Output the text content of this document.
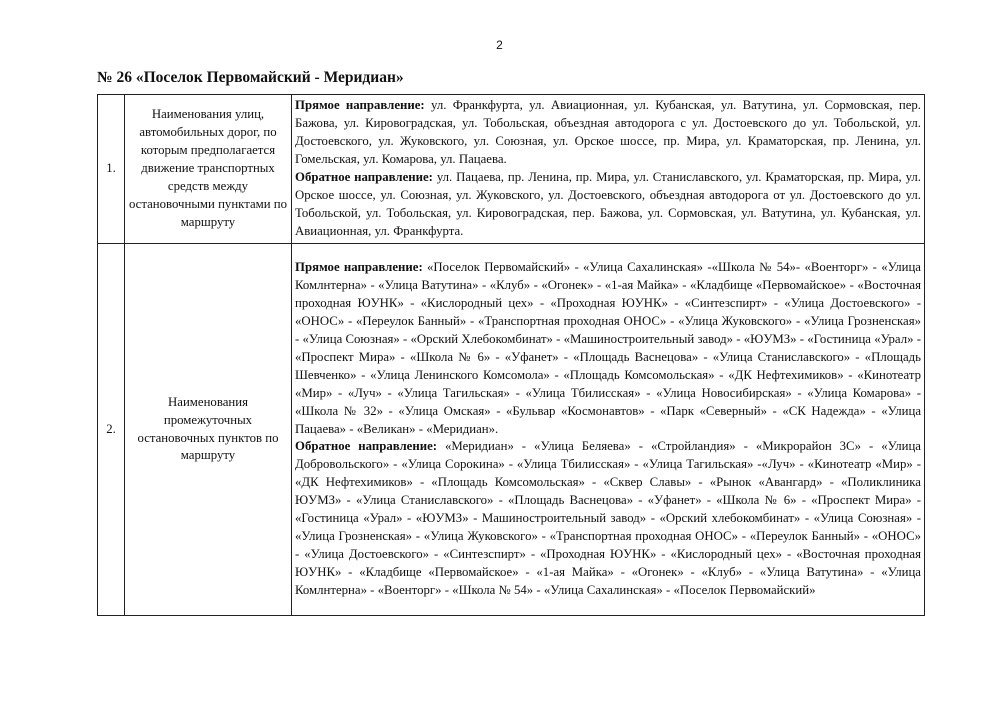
2
№ 26 «Поселок Первомайский - Меридиан»
1.	Наименования улиц, автомобильных дорог, по которым предполагается движение транспортных средств между остановочными пунктами по маршруту	Прямое направление: ул. Франкфурта, ул. Авиационная, ул. Кубанская, ул. Ватутина, ул. Сормовская, пер. Бажова, ул. Кировоградская, ул. Тобольская, объездная автодорога с ул. Достоевского до ул. Тобольской, ул. Достоевского, ул. Жуковского, ул. Союзная, ул. Орское шоссе, пр. Мира, ул. Краматорская, пр. Ленина, ул. Гомельская, ул. Комарова, ул. Пацаева.

Обратное направление: ул. Пацаева, пр. Ленина, пр. Мира, ул. Станиславского, ул. Краматорская, пр. Мира, ул. Орское шоссе, ул. Союзная, ул. Жуковского, ул. Достоевского, объездная автодорога от ул. Достоевского до ул. Тобольской, ул. Тобольская, ул. Кировоградская, пер. Бажова, ул. Сормовская, ул. Ватутина, ул. Кубанская, ул. Авиационная, ул. Франкфурта.

2.	Наименования промежуточных остановочных пунктов по маршруту	Прямое направление: «Поселок Первомайский» - «Улица Сахалинская» -«Школа № 54»- «Военторг» - «Улица Комлнтерна» - «Улица Ватутина» - «Клуб» - «Огонек» - «1-ая Майка» - «Кладбище «Первомайское» - «Восточная проходная ЮУНК» - «Кислородный цех» - «Проходная ЮУНК» - «Синтезспирт» - «Улица Достоевского» - «ОНОС» - «Переулок Банный» - «Транспортная проходная ОНОС» - «Улица Жуковского» - «Улица Грозненская» - «Улица Союзная» - «Орский Хлебокомбинат» - «Машиностроительный завод» - «ЮУМЗ» - «Гостиница «Урал» - «Проспект Мира» - «Школа № 6» - «Уфанет» - «Площадь Васнецова» - «Улица Станиславского» - «Площадь Шевченко» - «Улица Ленинского Комсомола» - «Площадь Комсомольская» - «ДК Нефтехимиков» - «Кинотеатр «Мир» - «Луч» - «Улица Тагильская» - «Улица Тбилисская» - «Улица Новосибирская» - «Улица Комарова» - «Школа № 32» - «Улица Омская» - «Бульвар «Космонавтов» - «Парк «Северный» - «СК Надежда» - «Улица Пацаева» - «Великан» - «Меридиан».

Обратное направление: «Меридиан» - «Улица Беляева» - «Стройландия» - «Микрорайон 3С» - «Улица Добровольского» - «Улица Сорокина» - «Улица Тбилисская» - «Улица Тагильская» -«Луч» - «Кинотеатр «Мир» - «ДК Нефтехимиков» - «Площадь Комсомольская» - «Сквер Славы» - «Рынок «Авангард» - «Поликлиника ЮУМЗ» - «Улица Станиславского» - «Площадь Васнецова» - «Уфанет» - «Школа № 6» - «Проспект Мира» - «Гостиница «Урал» - «ЮУМЗ» - Машиностроительный завод» - «Орский хлебокомбинат» - «Улица Союзная» - «Улица Грозненская» - «Улица Жуковского» - «Транспортная проходная ОНОС» - «Переулок Банный» - «ОНОС» - «Улица Достоевского» - «Синтезспирт» - «Проходная ЮУНК» - «Кислородный цех» - «Восточная проходная ЮУНК» - «Кладбище «Первомайское» - «1-ая Майка» - «Огонек» - «Клуб» - «Улица Ватутина» - «Улица Комлнтерна» - «Военторг» - «Школа № 54» - «Улица Сахалинская» - «Поселок Первомайский»
